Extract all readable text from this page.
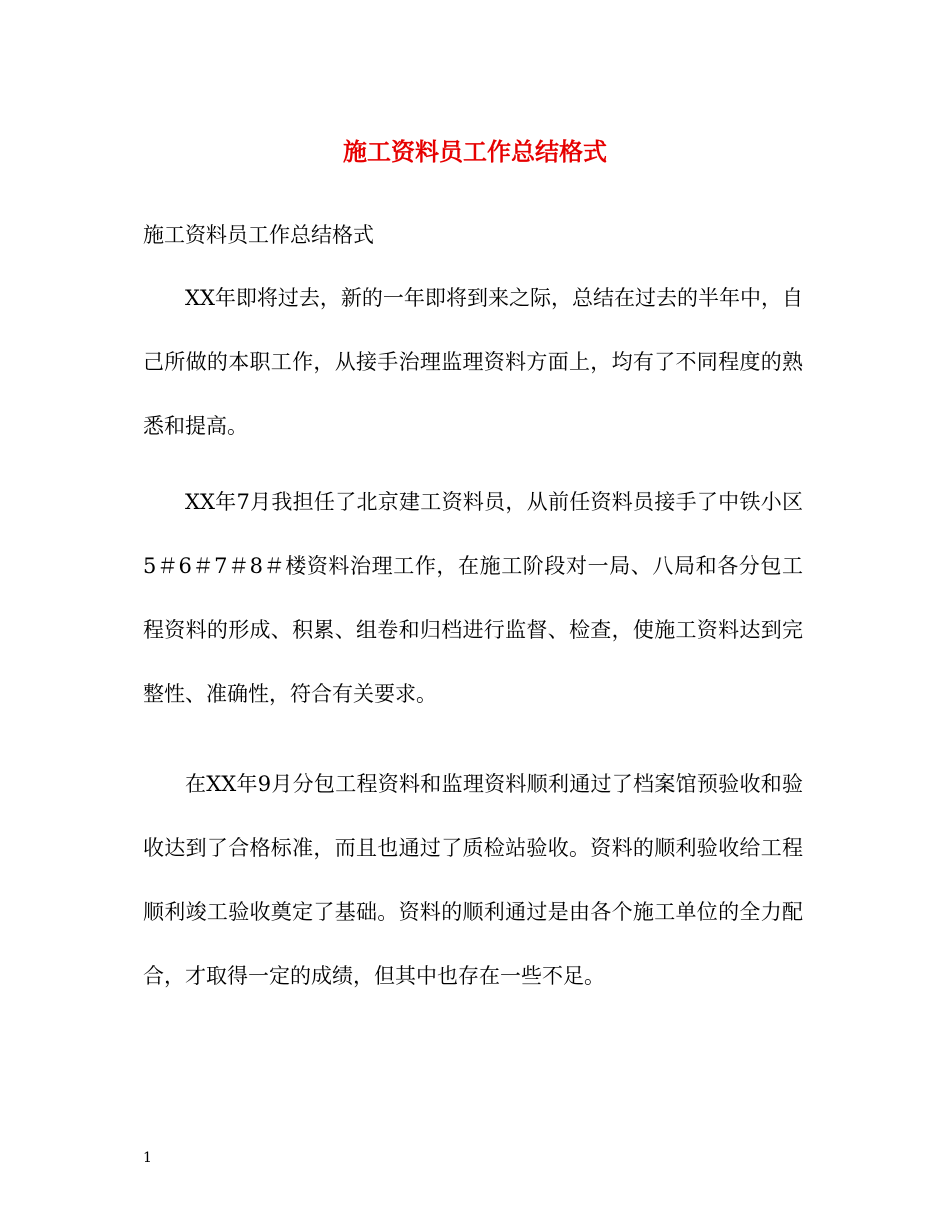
施工资料员工作总结格式

施工资料员工作总结格式

XX年即将过去，新的一年即将到来之际，总结在过去的半年中，自己所做的本职工作，从接手治理监理资料方面上，均有了不同程度的熟悉和提高。

XX年7月我担任了北京建工资料员，从前任资料员接手了中铁小区5＃6＃7＃8＃楼资料治理工作，在施工阶段对一局、八局和各分包工程资料的形成、积累、组卷和归档进行监督、检查，使施工资料达到完整性、准确性，符合有关要求。

在XX年9月分包工程资料和监理资料顺利通过了档案馆预验收和验收达到了合格标准，而且也通过了质检站验收。资料的顺利验收给工程顺利竣工验收奠定了基础。资料的顺利通过是由各个施工单位的全力配合，才取得一定的成绩，但其中也存在一些不足。

1
